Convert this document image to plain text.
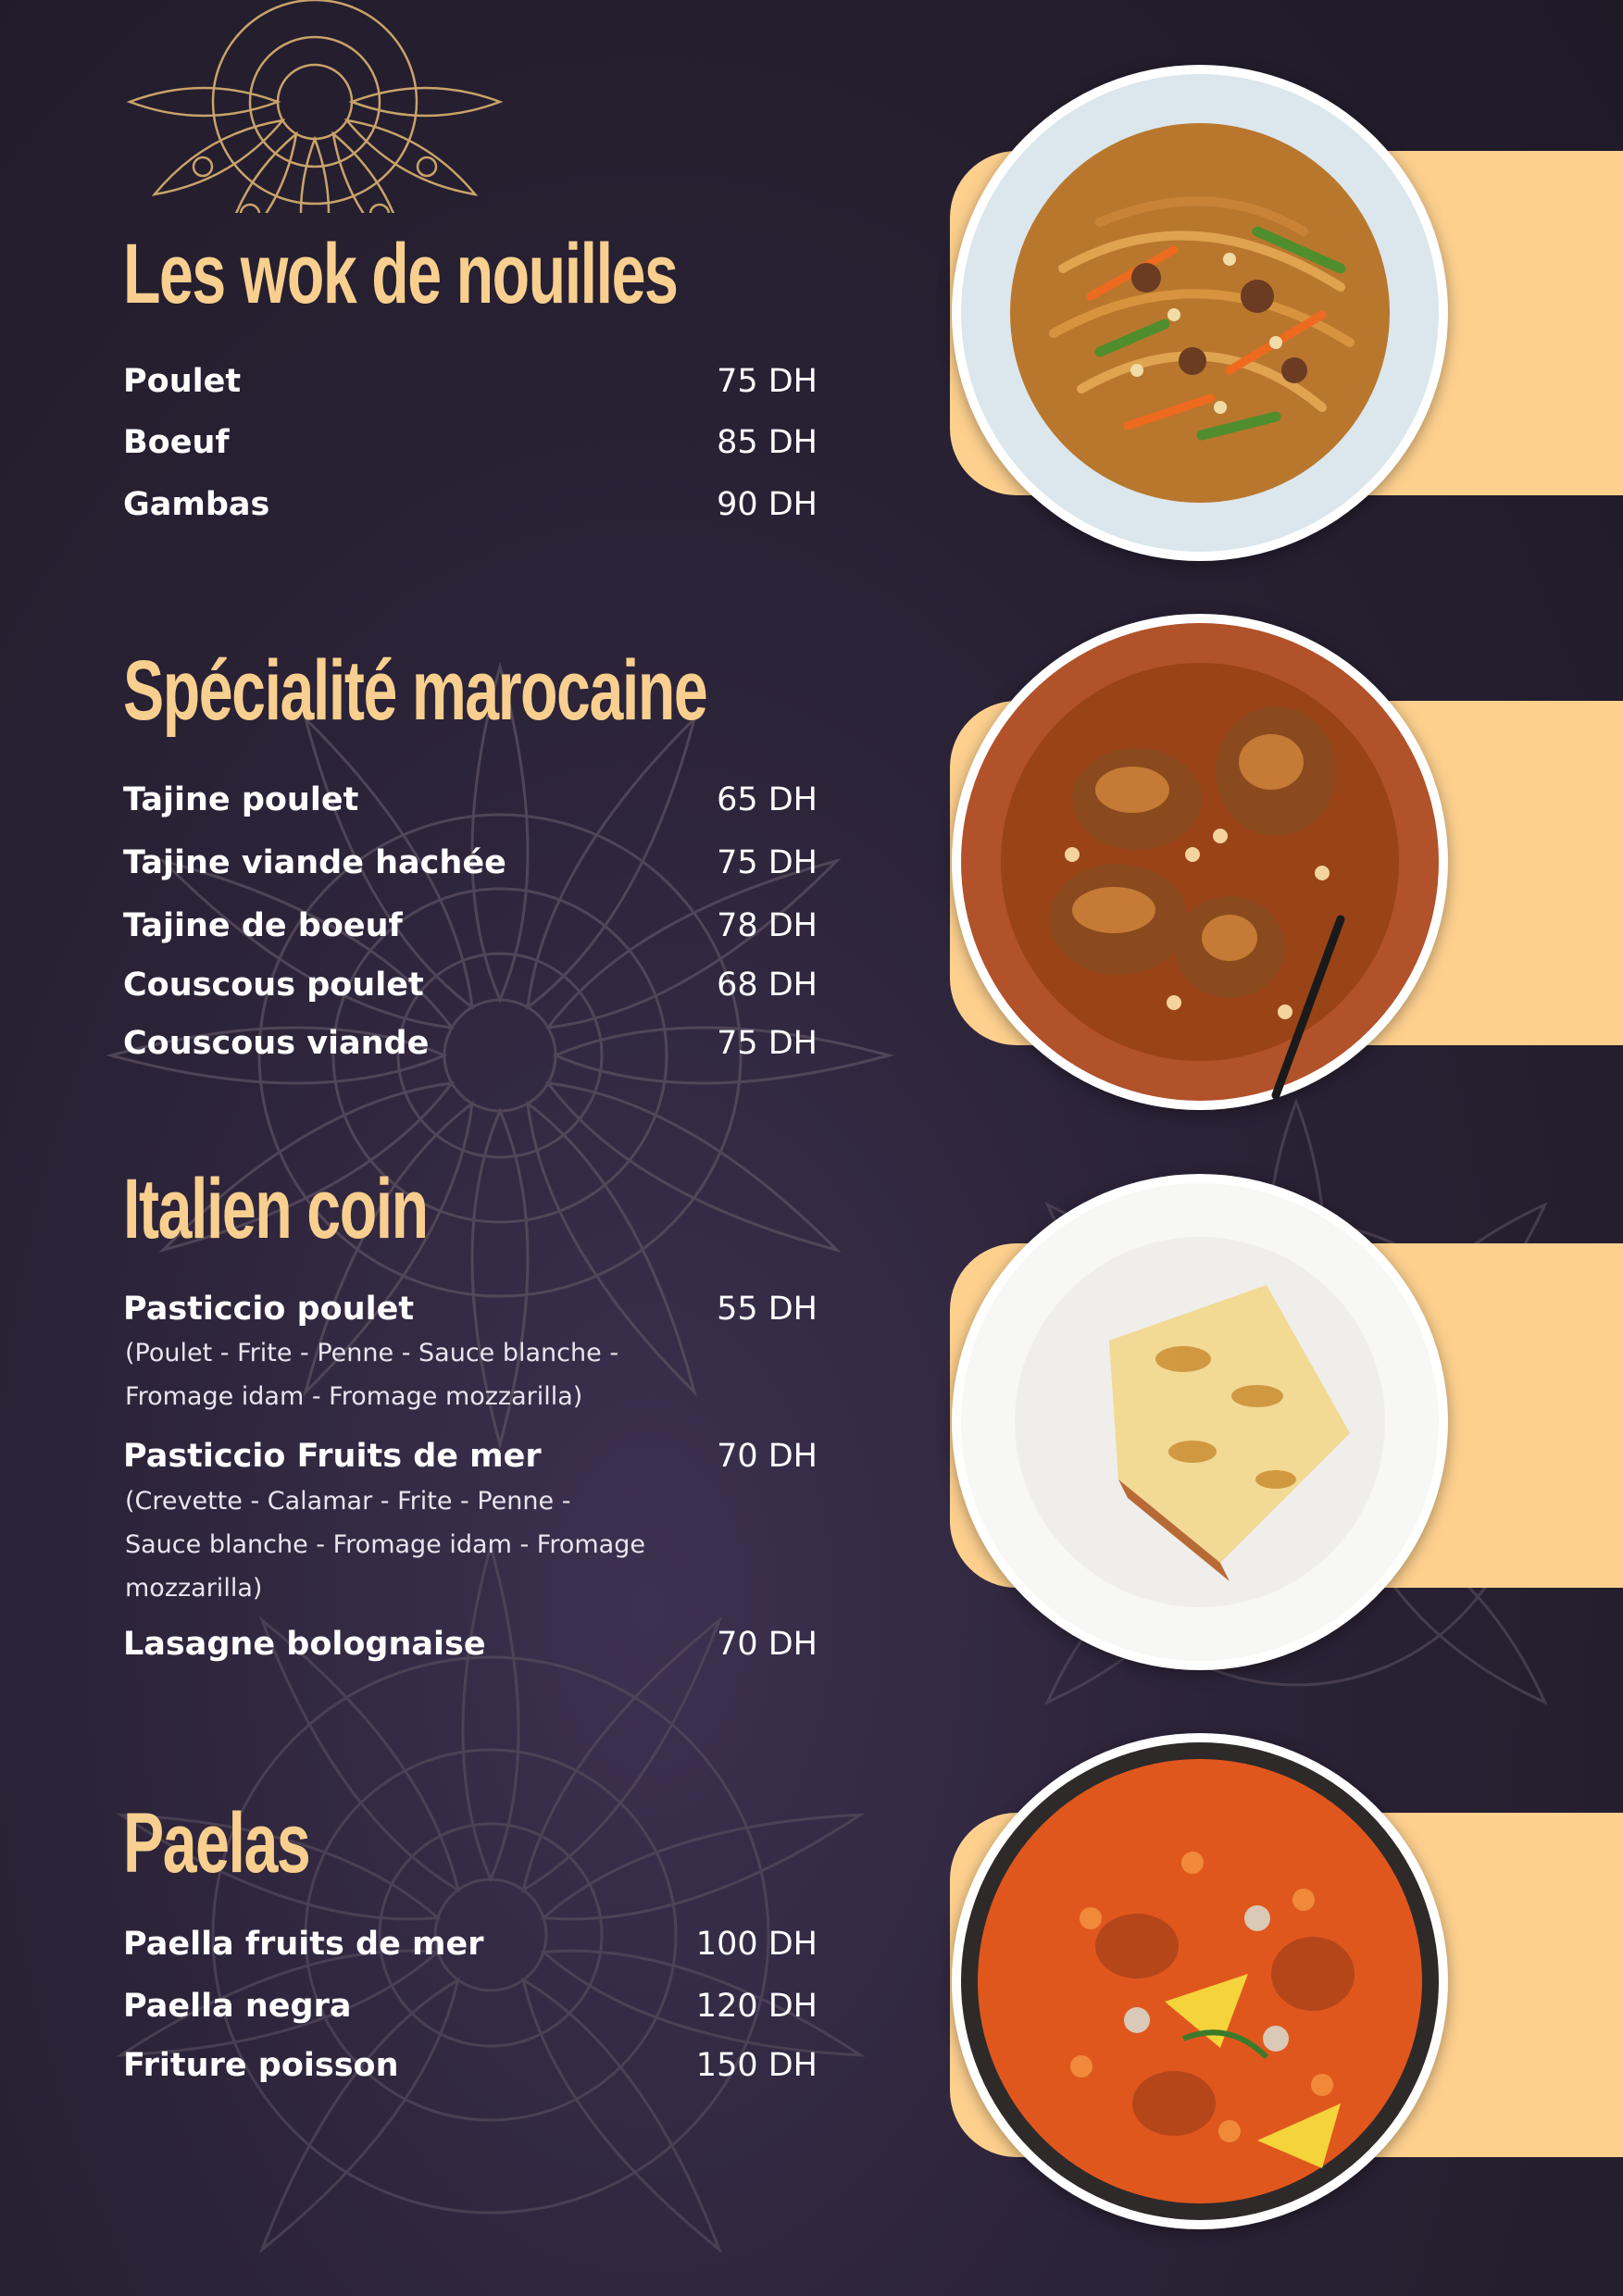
Les wok de nouilles
Poulet	75 DH
Boeuf	85 DH
Gambas	90 DH
Spécialité marocaine
Tajine poulet	65 DH
Tajine viande hachée	75 DH
Tajine de boeuf	78 DH
Couscous poulet	68 DH
Couscous viande	75 DH
Italien coin
Pasticcio poulet	55 DH
(Poulet - Frite - Penne - Sauce blanche -
Fromage idam - Fromage mozzarilla)
Pasticcio Fruits de mer	70 DH
(Crevette - Calamar - Frite - Penne -
Sauce blanche - Fromage idam - Fromage
mozzarilla)
Lasagne bolognaise	70 DH
Paelas
Paella fruits de mer	100 DH
Paella negra	120 DH
Friture poisson	150 DH
